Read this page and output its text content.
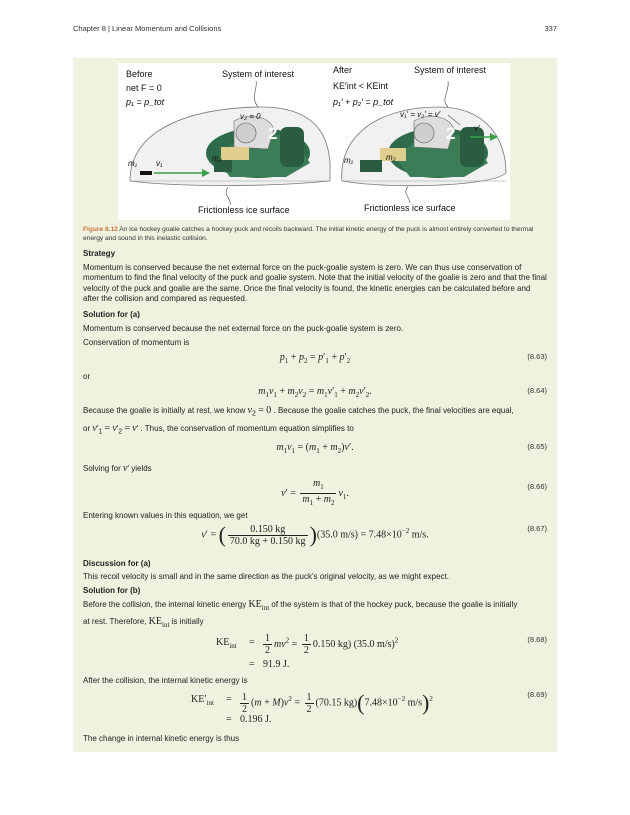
Chapter 8 | Linear Momentum and Collisions	337
2	2
Before
net F = 0
p₁ = p_tot
System of interest
v₂ = 0
m₁ v₁
m₂
Frictionless ice surface
After
KE′int < KEint
p₁′ + p₂′ = p_tot
System of interest
v₁′ = v₂′ = v′
v′
m₁	m₂
Frictionless ice surface
Figure 8.12 An ice hockey goalie catches a hockey puck and recoils backward. The initial kinetic energy of the puck is almost entirely converted to thermal energy and sound in this inelastic collision.
Strategy

Momentum is conserved because the net external force on the puck-goalie system is zero. We can thus use conservation of momentum to find the final velocity of the puck and goalie system. Note that the initial velocity of the goalie is zero and that the final velocity of the puck and goalie are the same. Once the final velocity is found, the kinetic energies can be calculated before and after the collision and compared as requested.

Solution for (a)

Momentum is conserved because the net external force on the puck-goalie system is zero.

Conservation of momentum is

$p_1 + p_2 = p'_1 + p'_2$	(8.63)

or

$m_1v_1 + m_2v_2 = m_1v'_1 + m_2v'_2$.	(8.64)

Because the goalie is initially at rest, we know $v_2 = 0$ . Because the goalie catches the puck, the final velocities are equal,

or $v'_1 = v'_2 = v'$ . Thus, the conservation of momentum equation simplifies to

$m_1v_1 = (m_1 + m_2)v'$.	(8.65)

Solving for v′ yields

$v' = \frac{m_1}{m_1 + m_2} v_1$.
(8.66)

Entering known values in this equation, we get

v′ = ( $\frac{0.150 kg}{70.0 kg + 0.150 kg} )(35.0$ $m/s) = 7.48\times 10^{-2}$ m/s.
(8.67)
Discussion for (a)

This recoil velocity is small and in the same direction as the puck's original velocity, as we might expect.

Solution for (b)

Before the collision, the internal kinetic energy $KE_{int}$ of the system is that of the hockey puck, because the goalie is initially

at rest. Therefore, $KE_{int}$ is initially

$KE_{int} = \frac{1}{2} mv^2 = \frac{1}{2} 0.150$ kg) (35.0 m/s)$^2$
= 91.9 J.
(8.68)

After the collision, the internal kinetic energy is

$KE'_{int} = \frac{1}{2} (m + M)v^2 = \frac{1}{2} (70.15$ $kg)(7.48\times 10^{-2}$ m/s)$^2$
= 0.196 J.
(8.69)

The change in internal kinetic energy is thus
